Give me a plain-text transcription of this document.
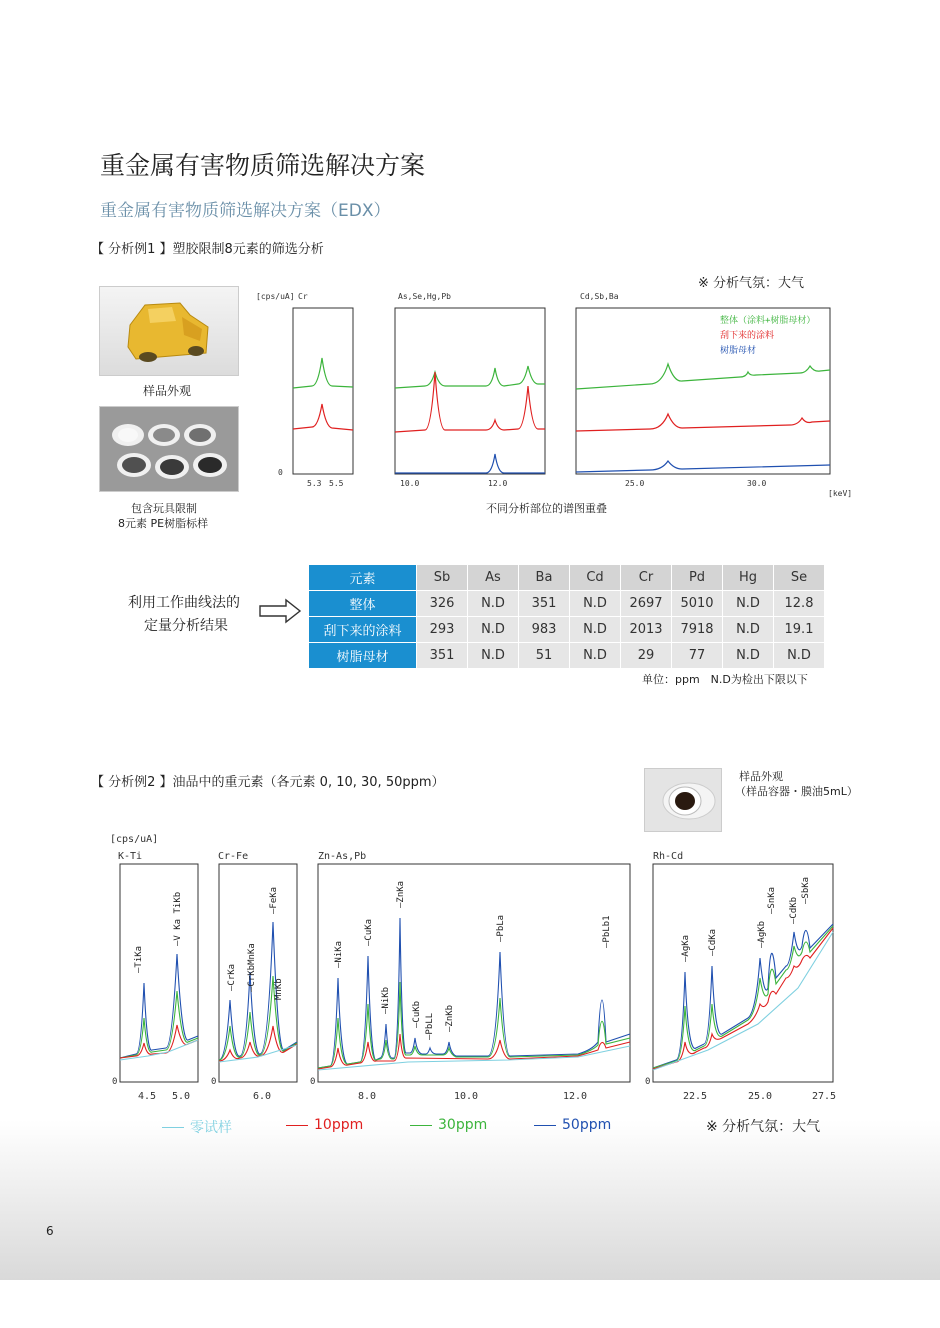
重金属有害物质筛选解决方案
重金属有害物质筛选解决方案（EDX）
【 分析例1 】塑胶限制8元素的筛选分析
※ 分析气氛：大气
样品外观
包含玩具限制
8元素 PE树脂标样
[cps/uA] Cr	As,Se,Hg,Pb	Cd,Sb,Ba
0
5.3 5.5	10.0	12.0	25.0	30.0
[keV]
整体（涂料+树脂母材）
刮下来的涂料
树脂母材
不同分析部位的谱图重叠
利用工作曲线法的
定量分析结果
元素	Sb	As	Ba	Cd	Cr	Pd	Hg	Se
整体	326	N.D	351	N.D	2697	5010	N.D	12.8
刮下来的涂料	293	N.D	983	N.D	2013	7918	N.D	19.1
树脂母材	351	N.D	51	N.D	29	77	N.D	N.D
单位：ppm　N.D为检出下限以下
【 分析例2 】油品中的重元素（各元素 0, 10, 30, 50ppm）	样品外观
（样品容器・膜油5mL）
[cps/uA]
K-Ti	Cr-Fe	Zn-As,Pb	Rh-Cd
0	0	0	0
4.5 5.0	6.0	8.0	10.0	12.0	22.5	25.0	27.5
—TiKa
—V Ka TiKb
—CrKa —CrKbMnKa
—FeKa
MnKb
—NiKa
—CuKa
—NiKb
—ZnKa
—CuKb —PbLL —ZnKb
—PbLa	—PbLb1
—AgKa —CdKa	—AgKb
—SnKa —CdKb
—SbKa
零试样	10ppm	30ppm	50ppm	※ 分析气氛：大气
6
